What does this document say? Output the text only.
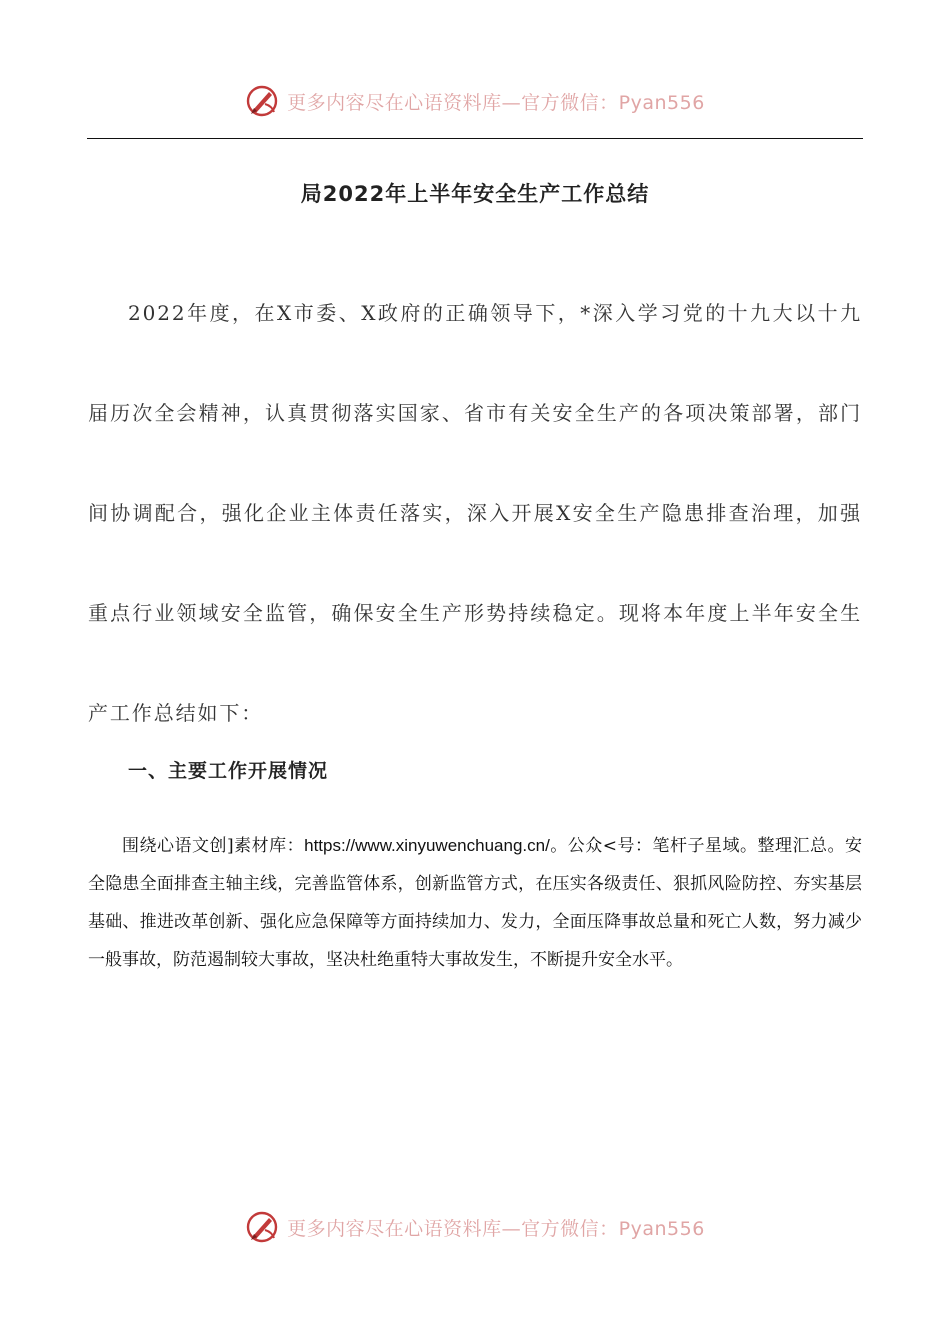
更多内容尽在心语资料库—官方微信：Pyan556
局2022年上半年安全生产工作总结

2022年度，在X市委、X政府的正确领导下，*深入学习党的十九大以十九届历次全会精神，认真贯彻落实国家、省市有关安全生产的各项决策部署，部门间协调配合，强化企业主体责任落实，深入开展X安全生产隐患排查治理，加强重点行业领域安全监管，确保安全生产形势持续稳定。现将本年度上半年安全生产工作总结如下：

一、主要工作开展情况

围绕心语文创]素材库：https://www.xinyuwenchuang.cn/。公众<号：笔杆子星域。整理汇总。安全隐患全面排查主轴主线，完善监管体系，创新监管方式，在压实各级责任、狠抓风险防控、夯实基层基础、推进改革创新、强化应急保障等方面持续加力、发力，全面压降事故总量和死亡人数，努力减少一般事故，防范遏制较大事故，坚决杜绝重特大事故发生，不断提升安全水平。

更多内容尽在心语资料库—官方微信：Pyan556
